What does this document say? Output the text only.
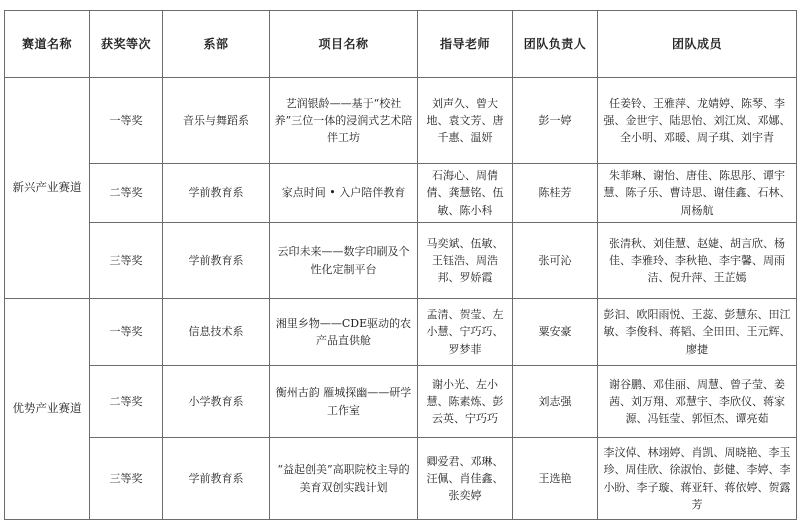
赛道名称	获奖等次	系部	项目名称	指导老师	团队负责人	团队成员
新兴产业赛道	一等奖	音乐与舞蹈系	艺润银龄——基于“校社养”三位一体的浸润式艺术陪伴工坊	刘声久、曾大地、袁文芳、唐千惠、温妍	彭一婷	任姜铃、王雅萍、龙婧婷、陈琴、李强、金世宇、陆思怡、刘江岚、邓娜、全小明、邓暖、周子琪、刘宇青
	二等奖	学前教育系	家点时间 • 入户陪伴教育	石海心、周倩倩、龚慧铭、伍敏、陈小科	陈桂芳	朱菲琳、谢怡、唐佳、陈思彤、谭宇慧、陈子乐、曹诗思、谢佳鑫、石林、周杨航
	三等奖	学前教育系	云印未来——数字印刷及个性化定制平台	马奕斌、伍敏、王钰浩、周浩邦、罗娇霞	张可沁	张清秋、刘佳慧、赵婕、胡言欣、杨佳、李雅玲、李秋艳、李宇馨、周雨洁、倪升萍、王芷嫣
优势产业赛道	一等奖	信息技术系	湘里乡物——CDE驱动的农产品直供舱	孟清、贺莹、左小慧、宁巧巧、罗梦菲	粟安豪	彭汩、欧阳雨悦、王蕊、彭慧东、田江敏、李俊科、蒋韬、全田田、王元辉、廖捷
	二等奖	小学教育系	衡州古韵 雁城探幽——研学工作室	谢小光、左小慧、陈素炼、彭云英、宁巧巧	刘志强	谢谷鹏、邓佳丽、周慧、曾子莹、姜茜、刘万翔、邓慧宇、李欣仪、蒋家源、冯钰莹、郭恒杰、谭亮茹
	三等奖	学前教育系	“益起创美”高职院校主导的美育双创实践计划	卿爱君、邓琳、汪佩、肖佳鑫、张奕婷	王选艳	李汶倬、林翊婷、肖凯、周晓艳、李玉珍、周佳欣、徐淑怡、彭健、李婷、李小盼、李子璇、蒋亚轩、蒋依婷、贺露芳
